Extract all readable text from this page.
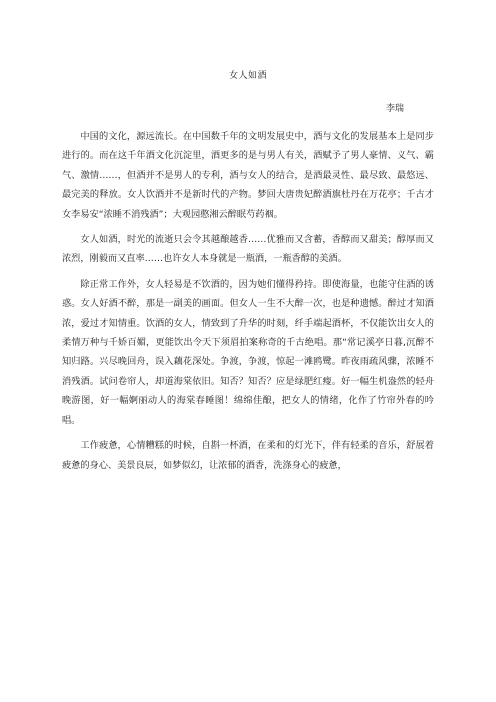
女人如酒
李瑞

中国的文化，源远流长。在中国数千年的文明发展史中，酒与文化的发展基本上是同步进行的。而在这千年酒文化沉淀里，酒更多的是与男人有关，酒赋予了男人豪情、义气、霸气、激情……，但酒并不是男人的专利，酒与女人的结合，是酒最灵性、最尽致、最悠远、最完美的释放。女人饮酒并不是新时代的产物。梦回大唐贵妃醉酒旗杜丹在万花亭；千古才女李易安“浓睡不消残酒”；大观园憨湘云醉眠芍药裀。

女人如酒，时光的流逝只会令其越酿越香……优雅而又含蓄，香醇而又甜美；醇厚而又浓烈，刚毅而又直率……也许女人本身就是一瓶酒，一瓶香醇的美酒。

除正常工作外，女人轻易是不饮酒的，因为她们懂得矜持。即使海量，也能守住酒的诱惑。女人好酒不醉，那是一副美的画面。但女人一生不大醉一次，也是种遗憾。醉过才知酒浓，爱过才知情重。饮酒的女人，情致到了升华的时刻，纤手端起酒杯，不仅能饮出女人的柔情万种与千娇百媚，更能饮出令天下须眉拍案称奇的千古绝唱。那“常记溪亭日暮,沉醉不知归路。兴尽晚回舟，误入藕花深处。争渡，争渡，惊起一滩鸥鹭。昨夜雨疏风骤，浓睡不消残酒。试问卷帘人，却道海棠依旧。知否？知否？应是绿肥红瘦。好一幅生机盎然的轻舟晚游图，好一幅婀丽动人的海棠春睡图！绵绵佳酿，把女人的情绪，化作了竹帘外春的吟唱。

工作疲惫，心情糟糕的时候，自斟一杯酒，在柔和的灯光下，伴有轻柔的音乐，舒展着疲惫的身心、美景良辰，如梦似幻，让浓郁的酒香，洗涤身心的疲惫，
